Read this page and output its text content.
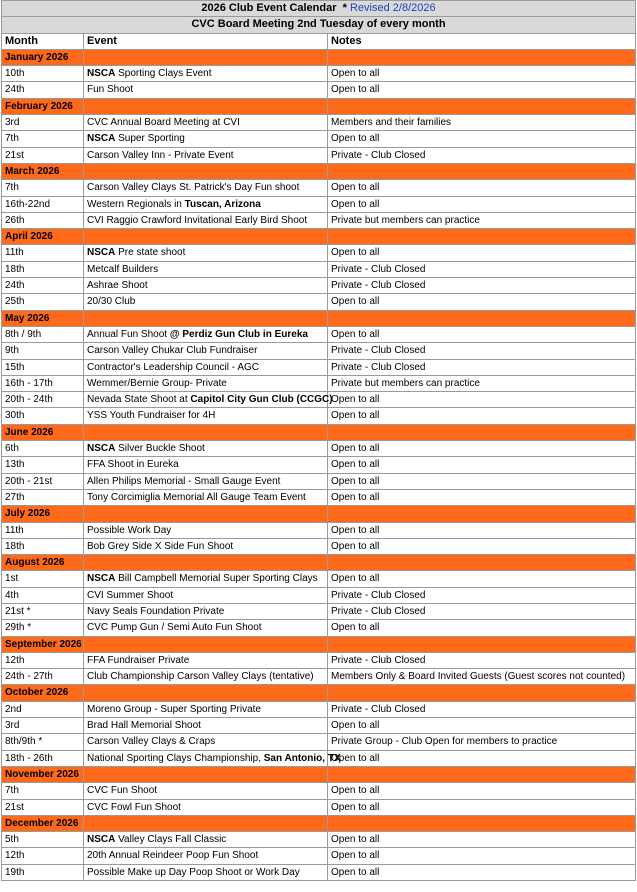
2026 Club Event Calendar * Revised 2/8/2026		
CVC Board Meeting 2nd Tuesday of every month		
Month	Event	Notes
January 2026		
10th	NSCA Sporting Clays Event	Open to all
24th	Fun Shoot	Open to all
February 2026		
3rd	CVC Annual Board Meeting at CVI	Members and their families
7th	NSCA Super Sporting	Open to all
21st	Carson Valley Inn - Private Event	Private - Club Closed
March 2026		
7th	Carson Valley Clays St. Patrick's Day Fun shoot	Open to all
16th-22nd	Western Regionals in Tuscan, Arizona	Open to all
26th	CVI Raggio Crawford Invitational Early Bird Shoot	Private but members can practice
April 2026		
11th	NSCA Pre state shoot	Open to all
18th	Metcalf Builders	Private - Club Closed
24th	Ashrae Shoot	Private - Club Closed
25th	20/30 Club	Open to all
May 2026		
8th / 9th	Annual Fun Shoot @ Perdiz Gun Club in Eureka	Open to all
9th	Carson Valley Chukar Club Fundraiser	Private - Club Closed
15th	Contractor's Leadership Council - AGC	Private - Club Closed
16th - 17th	Wemmer/Bernie Group- Private	Private but members can practice
20th - 24th	Nevada State Shoot at Capitol City Gun Club (CCGC)	Open to all
30th	YSS Youth Fundraiser for 4H	Open to all
June 2026		
6th	NSCA Silver Buckle Shoot	Open to all
13th	FFA Shoot in Eureka	Open to all
20th - 21st	Allen Philips Memorial - Small Gauge Event	Open to all
27th	Tony Corcimiglia Memorial All Gauge Team Event	Open to all
July 2026		
11th	Possible Work Day	Open to all
18th	Bob Grey Side X Side Fun Shoot	Open to all
August 2026		
1st	NSCA Bill Campbell Memorial Super Sporting Clays	Open to all
4th	CVI Summer Shoot	Private - Club Closed
21st *	Navy Seals Foundation Private	Private - Club Closed
29th *	CVC Pump Gun / Semi Auto Fun Shoot	Open to all
September 2026		
12th	FFA Fundraiser Private	Private - Club Closed
24th - 27th	Club Championship Carson Valley Clays (tentative)	Members Only & Board Invited Guests (Guest scores not counted)
October 2026		
2nd	Moreno Group - Super Sporting Private	Private - Club Closed
3rd	Brad Hall Memorial Shoot	Open to all
8th/9th *	Carson Valley Clays & Craps	Private Group - Club Open for members to practice
18th - 26th	National Sporting Clays Championship, San Antonio, TX	Open to all
November 2026		
7th	CVC Fun Shoot	Open to all
21st	CVC Fowl Fun Shoot	Open to all
December 2026		
5th	NSCA Valley Clays Fall Classic	Open to all
12th	20th Annual Reindeer Poop Fun Shoot	Open to all
19th	Possible Make up Day Poop Shoot or Work Day	Open to all
